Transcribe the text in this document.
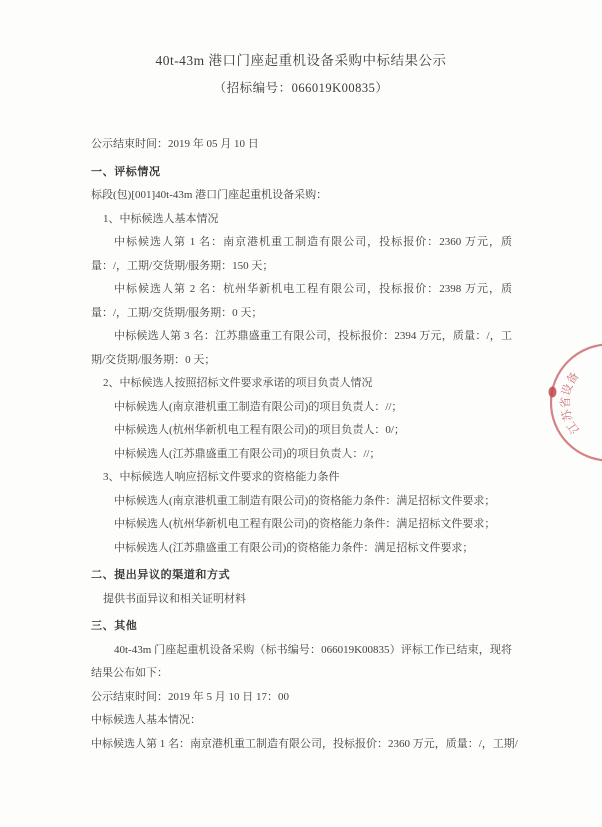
40t-43m 港口门座起重机设备采购中标结果公示

（招标编号：066019K00835）

公示结束时间：2019 年 05 月 10 日

一、评标情况

标段(包)[001]40t-43m 港口门座起重机设备采购：

1、中标候选人基本情况

中标候选人第 1 名：南京港机重工制造有限公司，投标报价：2360 万元，质量：/，工期/交货期/服务期：150 天；

中标候选人第 2 名：杭州华新机电工程有限公司，投标报价：2398 万元，质量：/，工期/交货期/服务期：0 天；

中标候选人第 3 名：江苏鼎盛重工有限公司，投标报价：2394 万元，质量：/，工期/交货期/服务期：0 天；

2、中标候选人按照招标文件要求承诺的项目负责人情况

中标候选人(南京港机重工制造有限公司)的项目负责人：//；

中标候选人(杭州华新机电工程有限公司)的项目负责人：0/；

中标候选人(江苏鼎盛重工有限公司)的项目负责人：//；

3、中标候选人响应招标文件要求的资格能力条件

中标候选人(南京港机重工制造有限公司)的资格能力条件：满足招标文件要求；

中标候选人(杭州华新机电工程有限公司)的资格能力条件：满足招标文件要求；

中标候选人(江苏鼎盛重工有限公司)的资格能力条件：满足招标文件要求；

二、提出异议的渠道和方式

提供书面异议和相关证明材料

三、其他

40t-43m 门座起重机设备采购（标书编号：066019K00835）评标工作已结束，现将结果公布如下：

公示结束时间：2019 年 5 月 10 日 17：00

中标候选人基本情况：

中标候选人第 1 名：南京港机重工制造有限公司，投标报价：2360 万元，质量：/，工期/

江
苏
省
设
备
